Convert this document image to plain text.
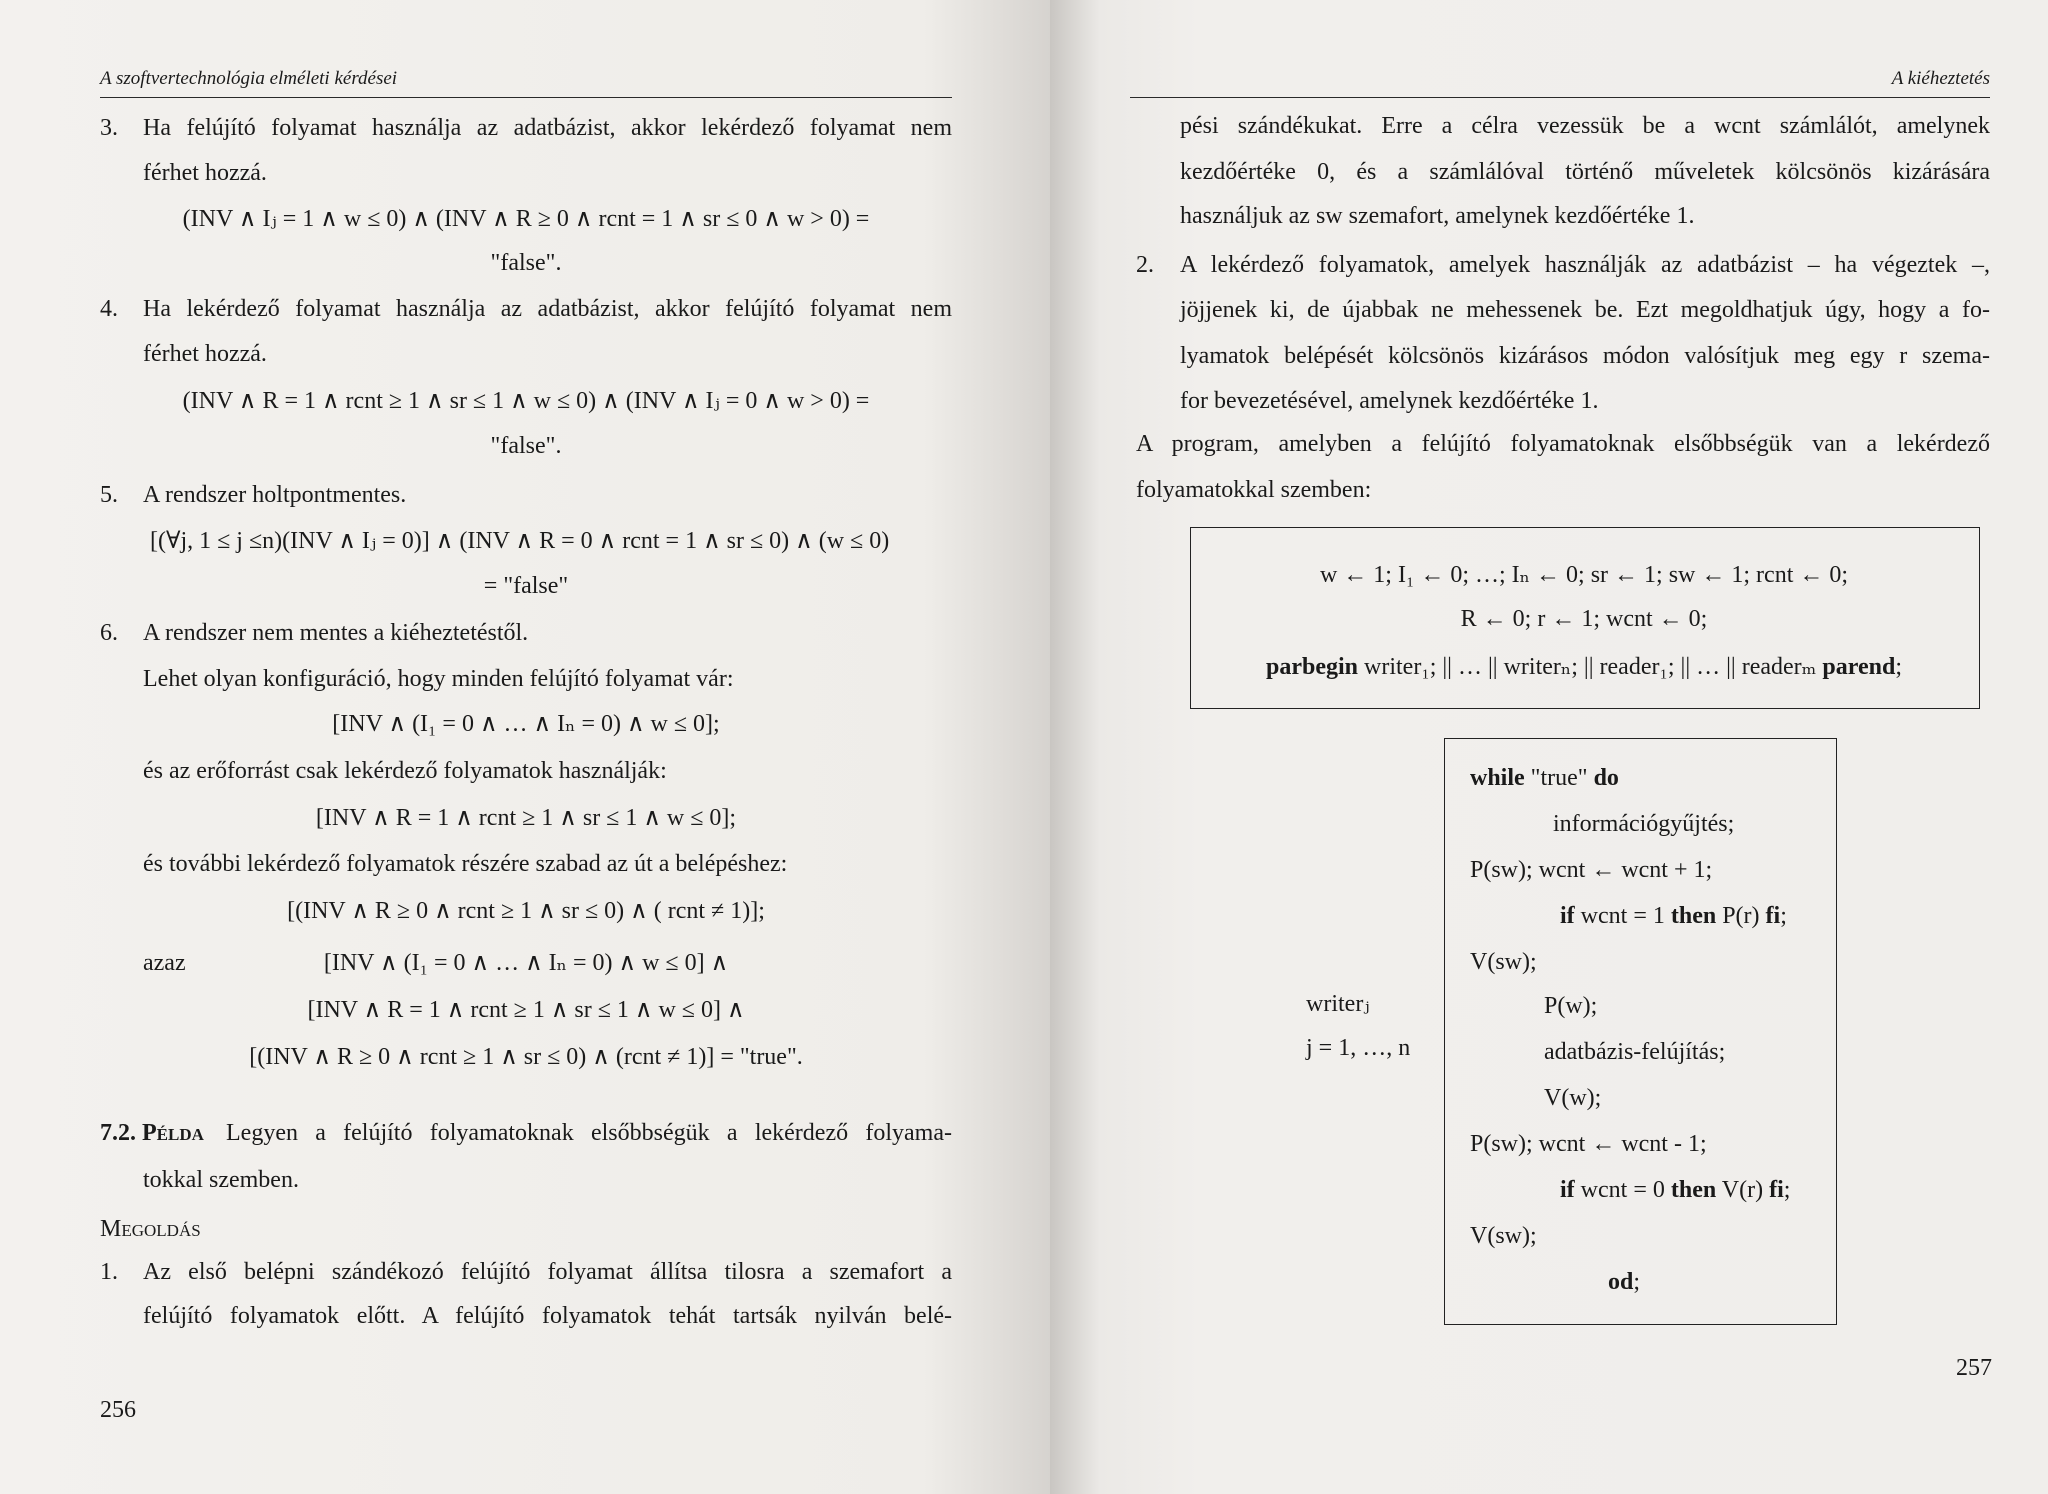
A szoftvertechnológia elméleti kérdései
3. Ha felújító folyamat használja az adatbázist, akkor lekérdező folyamat nem
férhet hozzá.
(INV ∧ Iⱼ = 1 ∧ w ≤ 0) ∧ (INV ∧ R ≥ 0 ∧ rcnt = 1 ∧ sr ≤ 0 ∧ w > 0) =
"false".
4. Ha lekérdező folyamat használja az adatbázist, akkor felújító folyamat nem
férhet hozzá.
(INV ∧ R = 1 ∧ rcnt ≥ 1 ∧ sr ≤ 1 ∧ w ≤ 0) ∧ (INV ∧ Iⱼ = 0 ∧ w > 0) =
"false".
5. A rendszer holtpontmentes.
[(∀j, 1 ≤ j ≤n)(INV ∧ Iⱼ = 0)] ∧ (INV ∧ R = 0 ∧ rcnt = 1 ∧ sr ≤ 0) ∧ (w ≤ 0)
= "false"
6. A rendszer nem mentes a kiéheztetéstől.
Lehet olyan konfiguráció, hogy minden felújító folyamat vár:
[INV ∧ (I₁ = 0 ∧ … ∧ Iₙ = 0) ∧ w ≤ 0];
és az erőforrást csak lekérdező folyamatok használják:
[INV ∧ R = 1 ∧ rcnt ≥ 1 ∧ sr ≤ 1 ∧ w ≤ 0];
és további lekérdező folyamatok részére szabad az út a belépéshez:
[(INV ∧ R ≥ 0 ∧ rcnt ≥ 1 ∧ sr ≤ 0) ∧ ( rcnt ≠ 1)];
azaz	[INV ∧ (I₁ = 0 ∧ … ∧ Iₙ = 0) ∧ w ≤ 0] ∧
[INV ∧ R = 1 ∧ rcnt ≥ 1 ∧ sr ≤ 1 ∧ w ≤ 0] ∧
[(INV ∧ R ≥ 0 ∧ rcnt ≥ 1 ∧ sr ≤ 0) ∧ (rcnt ≠ 1)] = "true".
7.2. Példa Legyen a felújító folyamatoknak elsőbbségük a lekérdező folyama-
tokkal szemben.
Megoldás
1. Az első belépni szándékozó felújító folyamat állítsa tilosra a szemafort a
felújító folyamatok előtt. A felújító folyamatok tehát tartsák nyilván belé-
256
A kiéheztetés
pési szándékukat. Erre a célra vezessük be a wcnt számlálót, amelynek
kezdőértéke 0, és a számlálóval történő műveletek kölcsönös kizárására
használjuk az sw szemafort, amelynek kezdőértéke 1.
2. A lekérdező folyamatok, amelyek használják az adatbázist – ha végeztek –,
jöjjenek ki, de újabbak ne mehessenek be. Ezt megoldhatjuk úgy, hogy a fo-
lyamatok belépését kölcsönös kizárásos módon valósítjuk meg egy r szema-
for bevezetésével, amelynek kezdőértéke 1.
A program, amelyben a felújító folyamatoknak elsőbbségük van a lekérdező
folyamatokkal szemben:
w ← 1; I₁ ← 0; …; Iₙ ← 0; sr ← 1; sw ← 1; rcnt ← 0;
R ← 0; r ← 1; wcnt ← 0;
parbegin writer₁; || … || writerₙ; || reader₁; || … || readerₘ parend;
writerⱼ
j = 1, …, n
while "true" do
információgyűjtés;
P(sw); wcnt ← wcnt + 1;
if wcnt = 1 then P(r) fi;
V(sw);
P(w);
adatbázis-felújítás;
V(w);
P(sw); wcnt ← wcnt - 1;
if wcnt = 0 then V(r) fi;
V(sw);
od;
257
